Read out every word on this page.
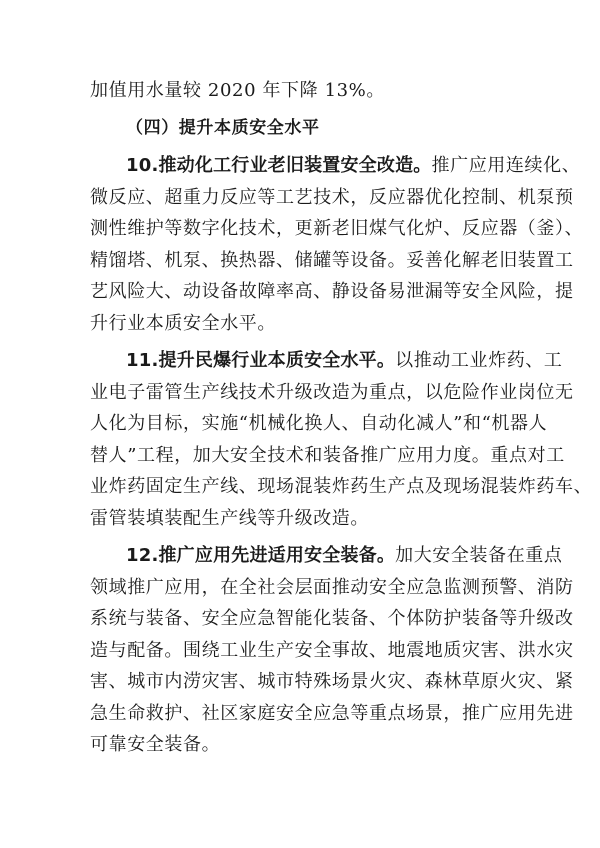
加值用水量较 2020 年下降 13%。
（四）提升本质安全水平
10.推动化工行业老旧装置安全改造。推广应用连续化、
微反应、超重力反应等工艺技术，反应器优化控制、机泵预
测性维护等数字化技术，更新老旧煤气化炉、反应器（釜）、
精馏塔、机泵、换热器、储罐等设备。妥善化解老旧装置工
艺风险大、动设备故障率高、静设备易泄漏等安全风险，提
升行业本质安全水平。
11.提升民爆行业本质安全水平。以推动工业炸药、工
业电子雷管生产线技术升级改造为重点，以危险作业岗位无
人化为目标，实施“机械化换人、自动化减人”和“机器人
替人”工程，加大安全技术和装备推广应用力度。重点对工
业炸药固定生产线、现场混装炸药生产点及现场混装炸药车、
雷管装填装配生产线等升级改造。
12.推广应用先进适用安全装备。加大安全装备在重点
领域推广应用，在全社会层面推动安全应急监测预警、消防
系统与装备、安全应急智能化装备、个体防护装备等升级改
造与配备。围绕工业生产安全事故、地震地质灾害、洪水灾
害、城市内涝灾害、城市特殊场景火灾、森林草原火灾、紧
急生命救护、社区家庭安全应急等重点场景，推广应用先进
可靠安全装备。
